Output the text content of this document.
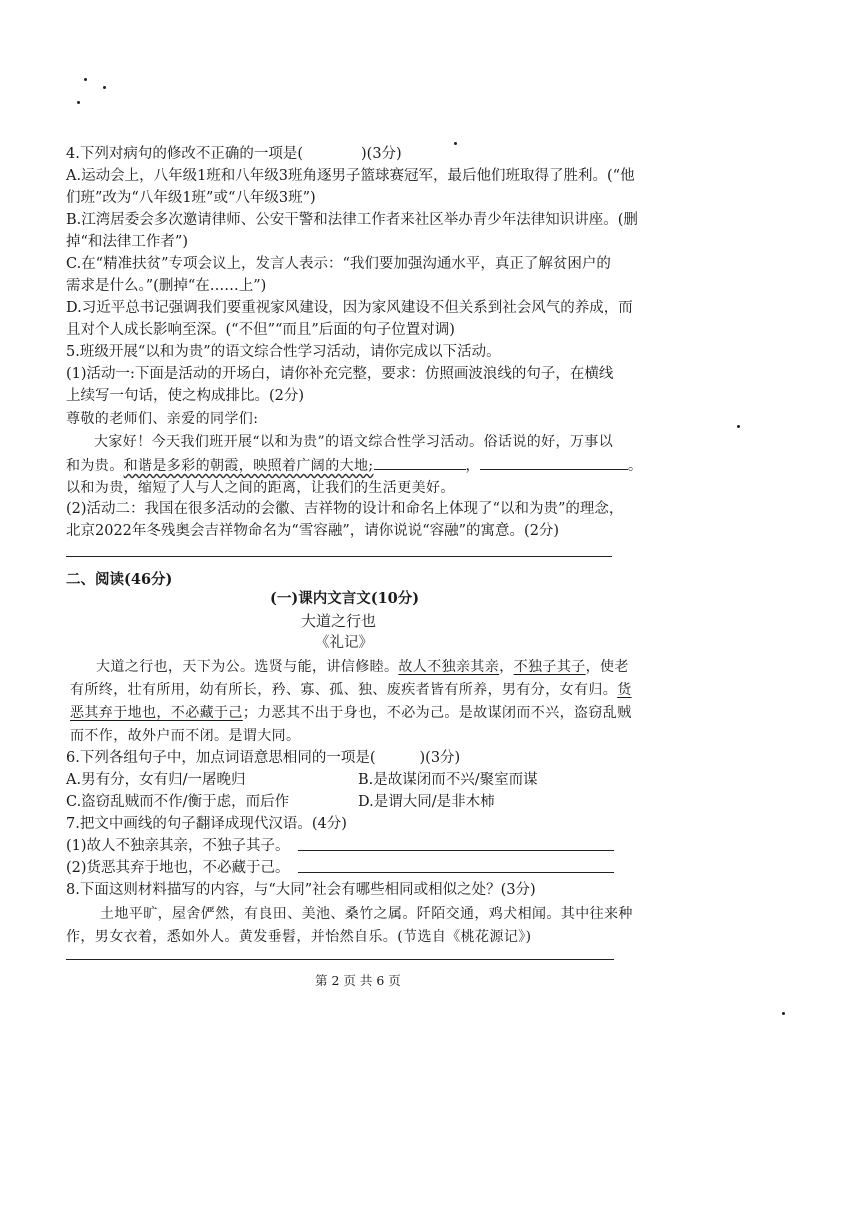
4.下列对病句的修改不正确的一项是(	)(3分)
A.运动会上，八年级1班和八年级3班角逐男子篮球赛冠军，最后他们班取得了胜利。(“他
们班”改为“八年级1班”或“八年级3班”)
B.江湾居委会多次邀请律师、公安干警和法律工作者来社区举办青少年法律知识讲座。(删
掉“和法律工作者”)
C.在“精准扶贫”专项会议上，发言人表示：“我们要加强沟通水平，真正了解贫困户的
需求是什么。”(删掉“在……上”)
D.习近平总书记强调我们要重视家风建设，因为家风建设不但关系到社会风气的养成，而
且对个人成长影响至深。(“不但”“而且”后面的句子位置对调)
5.班级开展“以和为贵”的语文综合性学习活动，请你完成以下活动。
(1)活动一:下面是活动的开场白，请你补充完整，要求：仿照画波浪线的句子，在横线
上续写一句话，使之构成排比。(2分)
尊敬的老师们、亲爱的同学们:
大家好！今天我们班开展“以和为贵”的语文综合性学习活动。俗话说的好，万事以
和为贵。和谐是多彩的朝霞，映照着广阔的大地;	，	。
以和为贵，缩短了人与人之间的距离，让我们的生活更美好。
(2)活动二：我国在很多活动的会徽、吉祥物的设计和命名上体现了“以和为贵”的理念，
北京2022年冬残奥会吉祥物命名为“雪容融”，请你说说“容融”的寓意。(2分)
二、阅读(46分)
(一)课内文言文(10分)
大道之行也
《礼记》
大道之行也，天下为公。选贤与能，讲信修睦。故人不独亲其亲，不独子其子，使老
有所终，壮有所用，幼有所长，矜、寡、孤、独、废疾者皆有所养，男有分，女有归。货
恶其弃于地也，不必藏于己；力恶其不出于身也，不必为己。是故谋闭而不兴，盗窃乱贼
而不作，故外户而不闭。是谓大同。
6.下列各组句子中，加点词语意思相同的一项是(	)(3分)
A.男有分，女有归/一屠晚归	B.是故谋闭而不兴/聚室而谋
C.盗窃乱贼而不作/衡于虑，而后作	D.是谓大同/是非木柿
7.把文中画线的句子翻译成现代汉语。(4分)
(1)故人不独亲其亲，不独子其子。
(2)货恶其弃于地也，不必藏于己。
8.下面这则材料描写的内容，与“大同”社会有哪些相同或相似之处？(3分)
土地平旷，屋舍俨然，有良田、美池、桑竹之属。阡陌交通，鸡犬相闻。其中往来种
作，男女衣着，悉如外人。黄发垂髫，并怡然自乐。(节选自《桃花源记》)
第 2 页 共 6 页
